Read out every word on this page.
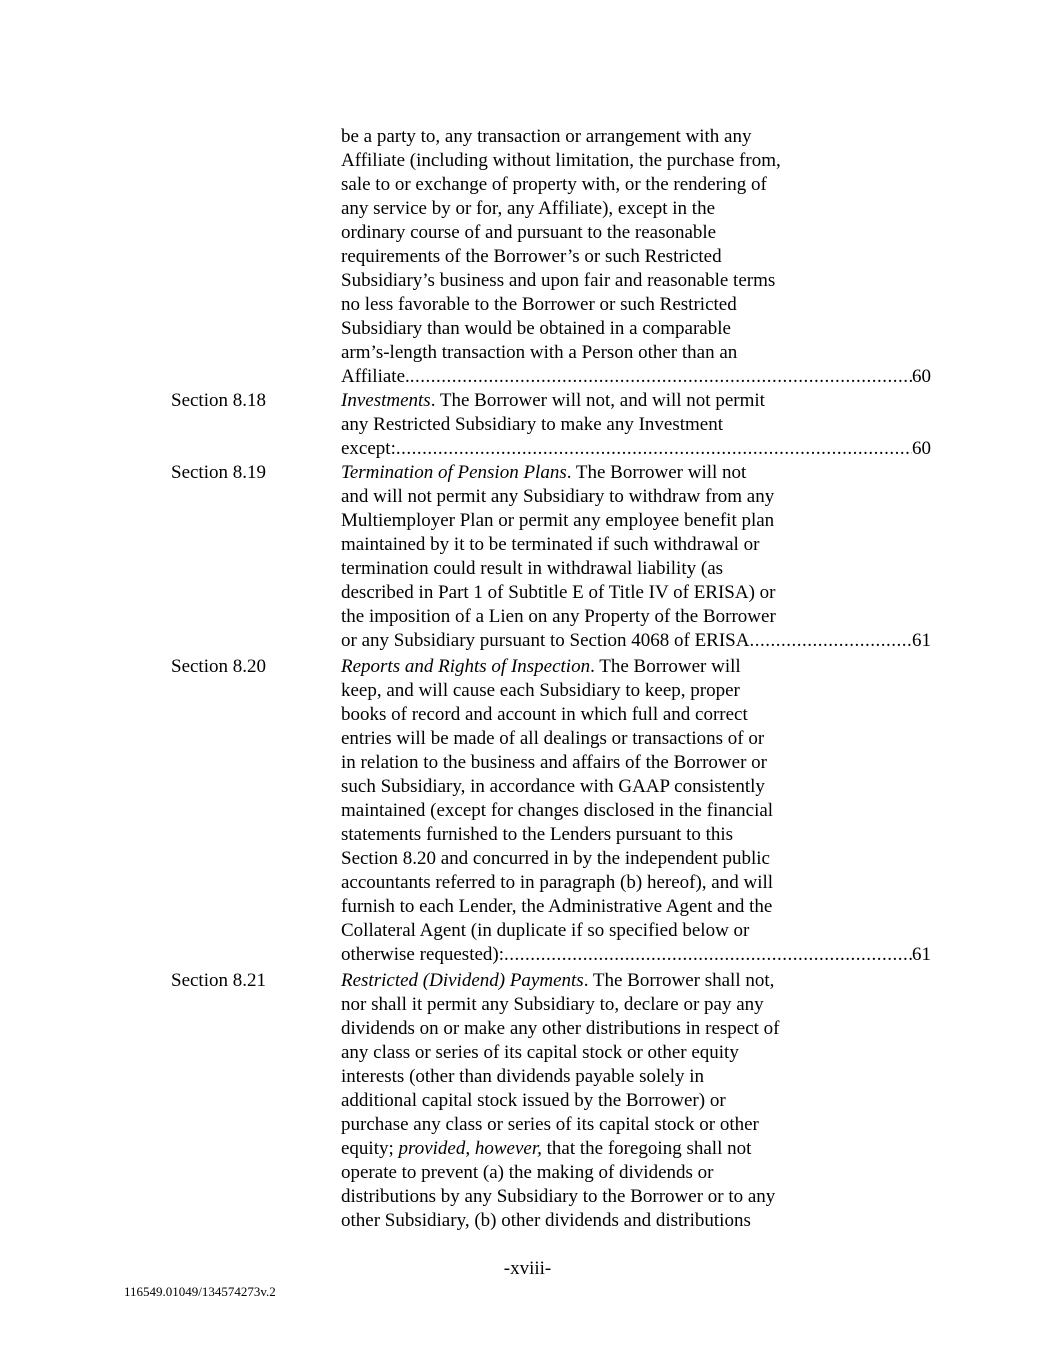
be a party to, any transaction or arrangement with any
Affiliate (including without limitation, the purchase from,
sale to or exchange of property with, or the rendering of
any service by or for, any Affiliate), except in the
ordinary course of and pursuant to the reasonable
requirements of the Borrower’s or such Restricted
Subsidiary’s business and upon fair and reasonable terms
no less favorable to the Borrower or such Restricted
Subsidiary than would be obtained in a comparable
arm’s-length transaction with a Person other than an
Affiliate. .....	60
Section 8.18	Investments. The Borrower will not, and will not permit
any Restricted Subsidiary to make any Investment
except: .....	60
Section 8.19	Termination of Pension Plans. The Borrower will not
and will not permit any Subsidiary to withdraw from any
Multiemployer Plan or permit any employee benefit plan
maintained by it to be terminated if such withdrawal or
termination could result in withdrawal liability (as
described in Part 1 of Subtitle E of Title IV of ERISA) or
the imposition of a Lien on any Property of the Borrower
or any Subsidiary pursuant to Section 4068 of ERISA .....	61
Section 8.20	Reports and Rights of Inspection. The Borrower will
keep, and will cause each Subsidiary to keep, proper
books of record and account in which full and correct
entries will be made of all dealings or transactions of or
in relation to the business and affairs of the Borrower or
such Subsidiary, in accordance with GAAP consistently
maintained (except for changes disclosed in the financial
statements furnished to the Lenders pursuant to this
Section 8.20 and concurred in by the independent public
accountants referred to in paragraph (b) hereof), and will
furnish to each Lender, the Administrative Agent and the
Collateral Agent (in duplicate if so specified below or
otherwise requested): .....	61
Section 8.21	Restricted (Dividend) Payments. The Borrower shall not,
nor shall it permit any Subsidiary to, declare or pay any
dividends on or make any other distributions in respect of
any class or series of its capital stock or other equity
interests (other than dividends payable solely in
additional capital stock issued by the Borrower) or
purchase any class or series of its capital stock or other
equity; provided, however, that the foregoing shall not
operate to prevent (a) the making of dividends or
distributions by any Subsidiary to the Borrower or to any
other Subsidiary, (b) other dividends and distributions
-xviii-
116549.01049/134574273v.2
